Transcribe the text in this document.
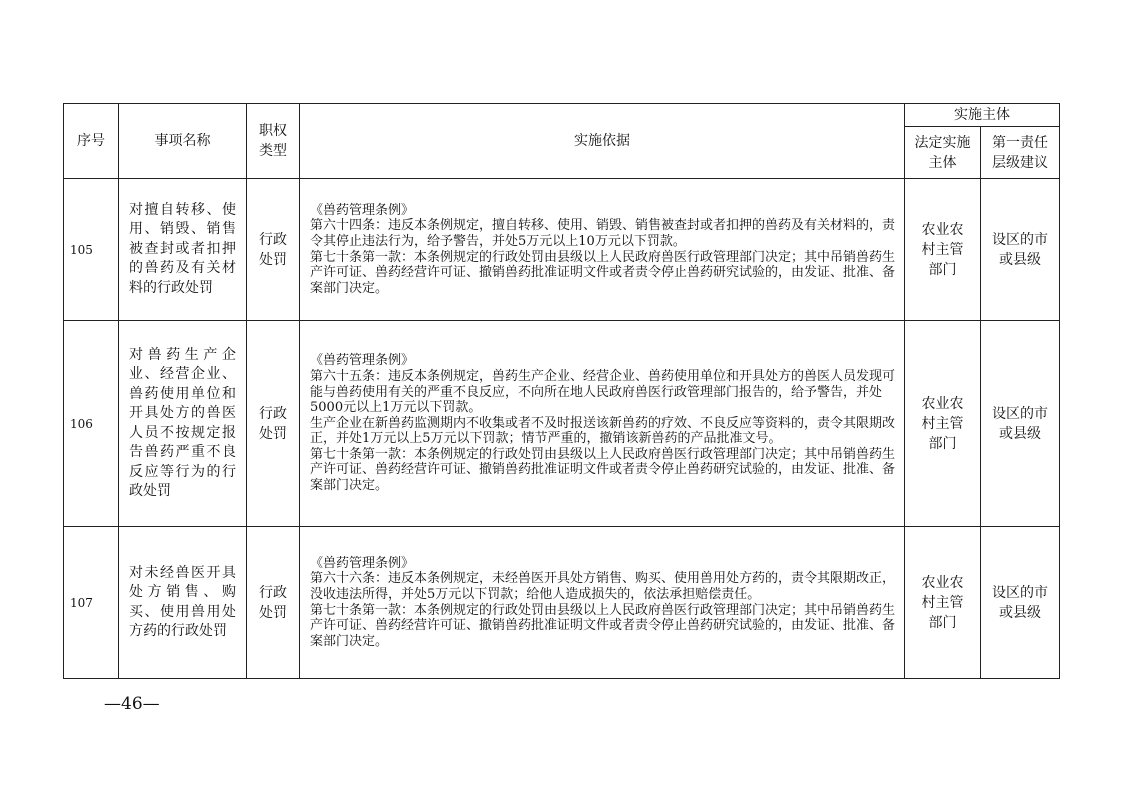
序号	事项名称	职权类型	实施依据	实施主体	
				法定实施主体	第一责任层级建议
105	对擅自转移、使用、销毁、销售被查封或者扣押的兽药及有关材料的行政处罚	行政处罚	《兽药管理条例》
第六十四条：违反本条例规定，擅自转移、使用、销毁、销售被查封或者扣押的兽药及有关材料的，责令其停止违法行为，给予警告，并处5万元以上10万元以下罚款。
第七十条第一款：本条例规定的行政处罚由县级以上人民政府兽医行政管理部门决定；其中吊销兽药生产许可证、兽药经营许可证、撤销兽药批准证明文件或者责令停止兽药研究试验的，由发证、批准、备案部门决定。	农业农村主管部门	设区的市或县级
106	对兽药生产企业、经营企业、兽药使用单位和开具处方的兽医人员不按规定报告兽药严重不良反应等行为的行政处罚	行政处罚	《兽药管理条例》
第六十五条：违反本条例规定，兽药生产企业、经营企业、兽药使用单位和开具处方的兽医人员发现可能与兽药使用有关的严重不良反应，不向所在地人民政府兽医行政管理部门报告的，给予警告，并处5000元以上1万元以下罚款。
生产企业在新兽药监测期内不收集或者不及时报送该新兽药的疗效、不良反应等资料的，责令其限期改正，并处1万元以上5万元以下罚款；情节严重的，撤销该新兽药的产品批准文号。
第七十条第一款：本条例规定的行政处罚由县级以上人民政府兽医行政管理部门决定；其中吊销兽药生产许可证、兽药经营许可证、撤销兽药批准证明文件或者责令停止兽药研究试验的，由发证、批准、备案部门决定。	农业农村主管部门	设区的市或县级
107	对未经兽医开具处方销售、购买、使用兽用处方药的行政处罚	行政处罚	《兽药管理条例》
第六十六条：违反本条例规定，未经兽医开具处方销售、购买、使用兽用处方药的，责令其限期改正，没收违法所得，并处5万元以下罚款；给他人造成损失的，依法承担赔偿责任。
第七十条第一款：本条例规定的行政处罚由县级以上人民政府兽医行政管理部门决定；其中吊销兽药生产许可证、兽药经营许可证、撤销兽药批准证明文件或者责令停止兽药研究试验的，由发证、批准、备案部门决定。	农业农村主管部门	设区的市或县级
—46—
